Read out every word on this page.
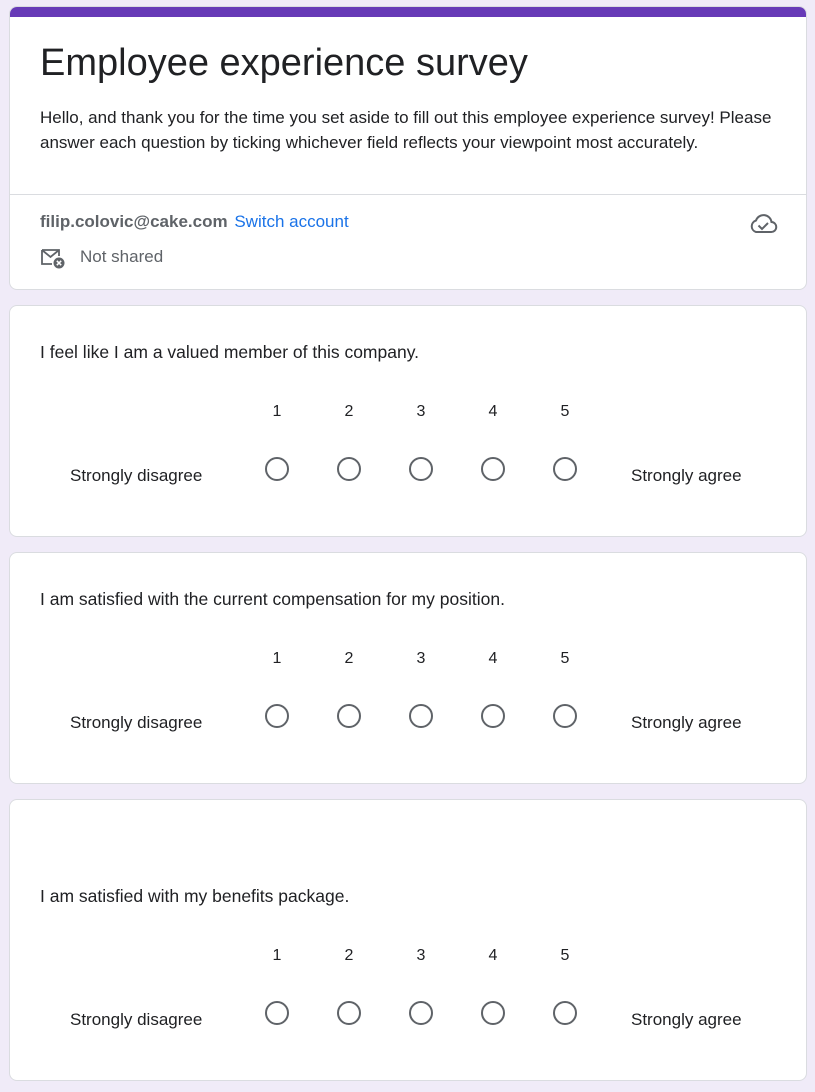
Employee experience survey

Hello, and thank you for the time you set aside to fill out this employee experience survey! Please answer each question by ticking whichever field reflects your viewpoint most accurately.

filip.colovic@cake.com Switch account
Not shared

I feel like I am a valued member of this company.

1	2	3	4	5
Strongly disagree	Strongly agree

I am satisfied with the current compensation for my position.

1	2	3	4	5
Strongly disagree	Strongly agree

I am satisfied with my benefits package.

1	2	3	4	5
Strongly disagree	Strongly agree
